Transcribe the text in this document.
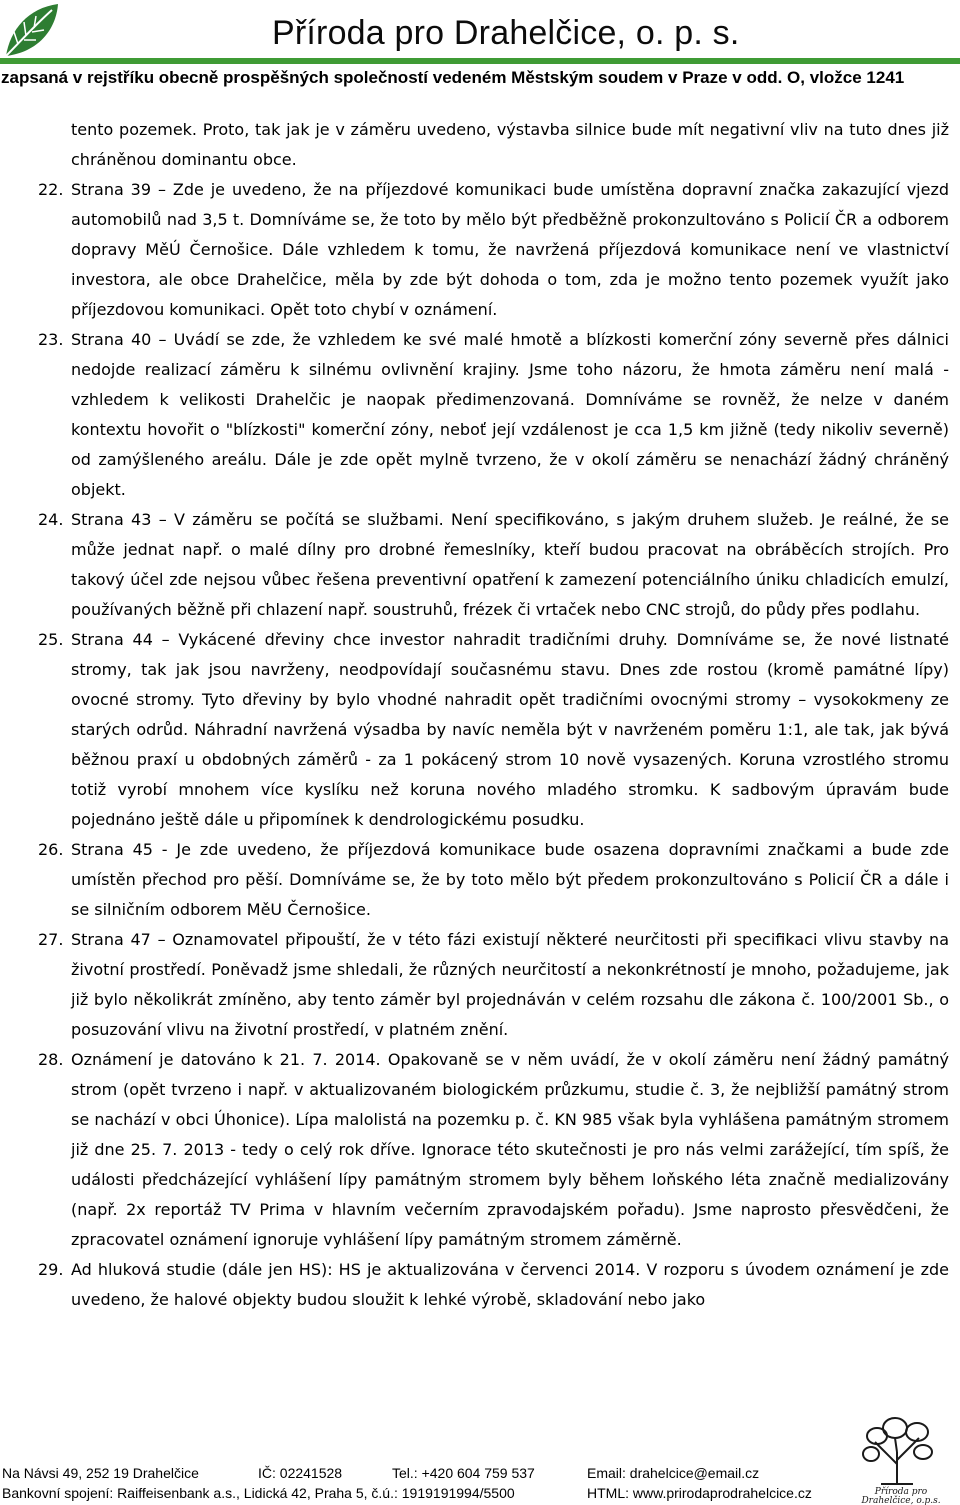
Příroda pro Drahelčice, o. p. s.
zapsaná v rejstříku obecně prospěšných společností vedeném Městským soudem v Praze v odd. O, vložce 1241

tento pozemek. Proto, tak jak je v záměru uvedeno, výstavba silnice bude mít negativní vliv na tuto dnes již chráněnou dominantu obce.

22. Strana 39 – Zde je uvedeno, že na příjezdové komunikaci bude umístěna dopravní značka zakazující vjezd automobilů nad 3,5 t. Domníváme se, že toto by mělo být předběžně prokonzultováno s Policií ČR a odborem dopravy MěÚ Černošice. Dále vzhledem k tomu, že navržená příjezdová komunikace není ve vlastnictví investora, ale obce Drahelčice, měla by zde být dohoda o tom, zda je možno tento pozemek využít jako příjezdovou komunikaci. Opět toto chybí v oznámení.
23. Strana 40 – Uvádí se zde, že vzhledem ke své malé hmotě a blízkosti komerční zóny severně přes dálnici nedojde realizací záměru k silnému ovlivnění krajiny. Jsme toho názoru, že hmota záměru není malá - vzhledem k velikosti Drahelčic je naopak předimenzovaná. Domníváme se rovněž, že nelze v daném kontextu hovořit o "blízkosti" komerční zóny, neboť její vzdálenost je cca 1,5 km jižně (tedy nikoliv severně) od zamýšleného areálu. Dále je zde opět mylně tvrzeno, že v okolí záměru se nenachází žádný chráněný objekt.
24. Strana 43 – V záměru se počítá se službami. Není specifikováno, s jakým druhem služeb. Je reálné, že se může jednat např. o malé dílny pro drobné řemeslníky, kteří budou pracovat na obráběcích strojích. Pro takový účel zde nejsou vůbec řešena preventivní opatření k zamezení potenciálního úniku chladicích emulzí, používaných běžně při chlazení např. soustruhů, frézek či vrtaček nebo CNC strojů, do půdy přes podlahu.
25. Strana 44 – Vykácené dřeviny chce investor nahradit tradičními druhy. Domníváme se, že nové listnaté stromy, tak jak jsou navrženy, neodpovídají současnému stavu. Dnes zde rostou (kromě památné lípy) ovocné stromy. Tyto dřeviny by bylo vhodné nahradit opět tradičními ovocnými stromy – vysokokmeny ze starých odrůd. Náhradní navržená výsadba by navíc neměla být v navrženém poměru 1:1, ale tak, jak bývá běžnou praxí u obdobných záměrů - za 1 pokácený strom 10 nově vysazených. Koruna vzrostlého stromu totiž vyrobí mnohem více kyslíku než koruna nového mladého stromku. K sadbovým úpravám bude pojednáno ještě dále u připomínek k dendrologickému posudku.
26. Strana 45 - Je zde uvedeno, že příjezdová komunikace bude osazena dopravními značkami a bude zde umístěn přechod pro pěší. Domníváme se, že by toto mělo být předem prokonzultováno s Policií ČR a dále i se silničním odborem MěU Černošice.
27. Strana 47 – Oznamovatel připouští, že v této fázi existují některé neurčitosti při specifikaci vlivu stavby na životní prostředí. Poněvadž jsme shledali, že různých neurčitostí a nekonkrétností je mnoho, požadujeme, jak již bylo několikrát zmíněno, aby tento záměr byl projednáván v celém rozsahu dle zákona č. 100/2001 Sb., o posuzování vlivu na životní prostředí, v platném znění.
28. Oznámení je datováno k 21. 7. 2014. Opakovaně se v něm uvádí, že v okolí záměru není žádný památný strom (opět tvrzeno i např. v aktualizovaném biologickém průzkumu, studie č. 3, že nejbližší památný strom se nachází v obci Úhonice). Lípa malolistá na pozemku p. č. KN 985 však byla vyhlášena památným stromem již dne 25. 7. 2013 - tedy o celý rok dříve. Ignorace této skutečnosti je pro nás velmi zarážející, tím spíš, že události předcházející vyhlášení lípy památným stromem byly během loňského léta značně medializovány (např. 2x reportáž TV Prima v hlavním večerním zpravodajském pořadu). Jsme naprosto přesvědčeni, že zpracovatel oznámení ignoruje vyhlášení lípy památným stromem záměrně.
29. Ad hluková studie (dále jen HS): HS je aktualizována v červenci 2014. V rozporu s úvodem oznámení je zde uvedeno, že halové objekty budou sloužit k lehké výrobě, skladování nebo jako
Příroda pro
Drahelčice, o.p.s.
Na Návsi 49, 252 19 Drahelčice	IČ: 02241528	Tel.: +420 604 759 537	Email: drahelcice@email.cz
Bankovní spojení: Raiffeisenbank a.s., Lidická 42, Praha 5, č.ú.: 1919191994/5500	HTML: www.prirodaprodrahelcice.cz
